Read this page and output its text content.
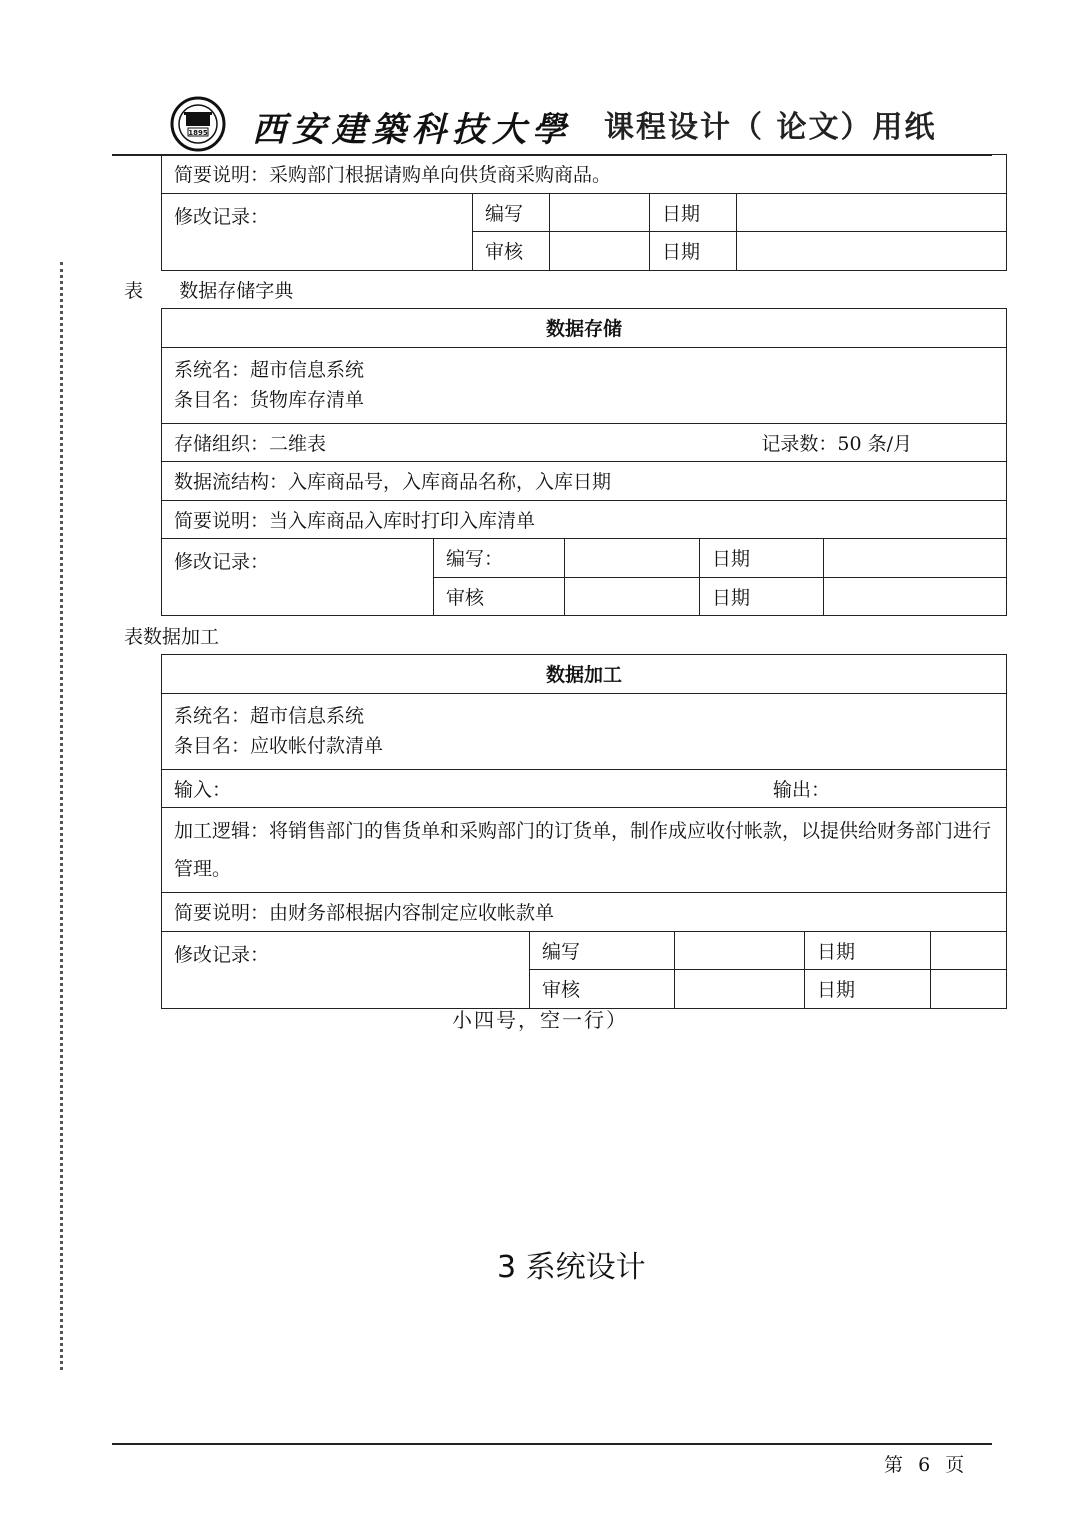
1895 西安建築科技大學 课程设计（ 论文）用纸
简要说明：采购部门根据请购单向供货商采购商品。				
修改记录：	编写		日期	
	审核		日期	
表      数据存储字典
数据存储				

系统名：超市信息系统
条目名：货物库存清单				

存储组织：二维表 记录数：50 条/月				

数据流结构：入库商品号，入库商品名称，入库日期				
简要说明：当入库商品入库时打印入库清单				
修改记录：	编写：		日期	
	审核		日期	
表数据加工
数据加工				

系统名：超市信息系统
条目名：应收帐付款清单				

输入： 输出：				

加工逻辑：将销售部门的售货单和采购部门的订货单，制作成应收付帐款，以提供给财务部门进行管理。				

简要说明：由财务部根据内容制定应收帐款单				
修改记录：	编写		日期	
	审核		日期	
小四号，空一行）
3 系统设计
第  6  页
